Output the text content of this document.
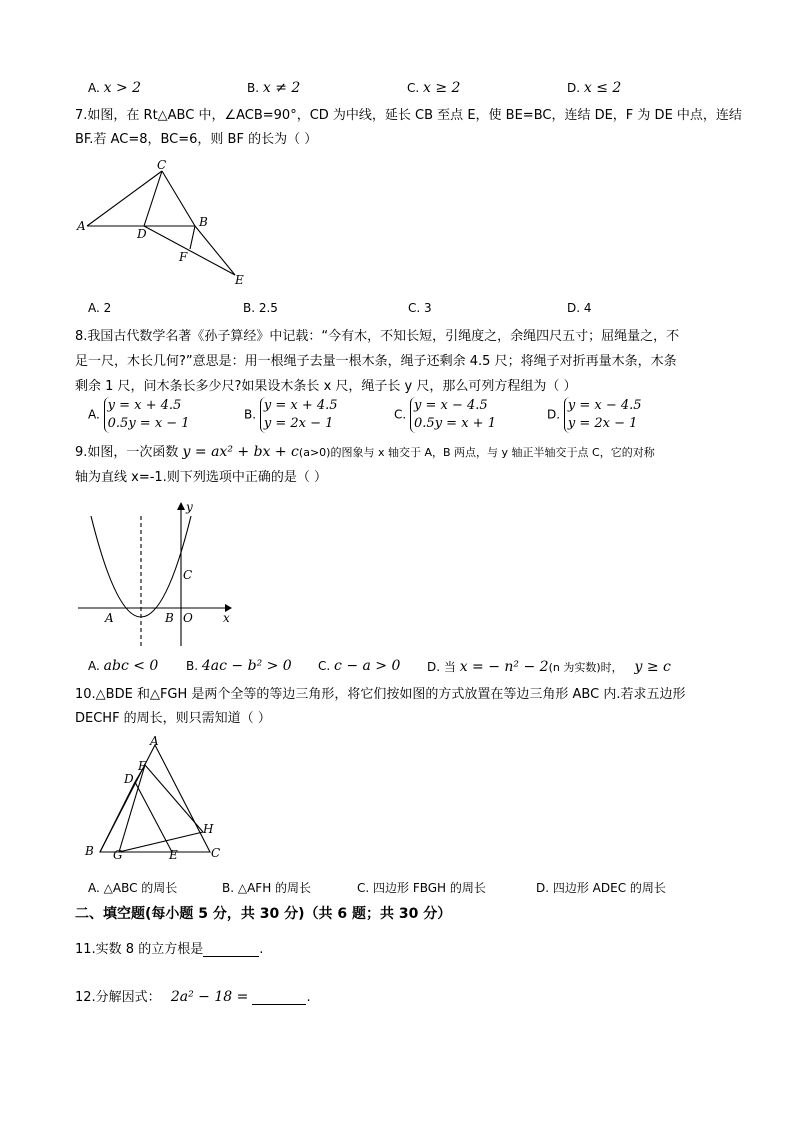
A. x > 2	B. x ≠ 2	C. x ≥ 2	D. x ≤ 2
7.如图，在 Rt△ABC 中，∠ACB=90°，CD 为中线，延长 CB 至点 E，使 BE=BC，连结 DE，F 为 DE 中点，连结
BF.若 AC=8，BC=6，则 BF 的长为（ ）
A
C
D
B
F
E
A. 2	B. 2.5	C. 3	D. 4
8.我国古代数学名著《孙子算经》中记载：“今有木，不知长短，引绳度之，余绳四尺五寸；屈绳量之，不
足一尺，木长几何?”意思是：用一根绳子去量一根木条，绳子还剩余 4.5 尺；将绳子对折再量木条，木条
剩余 1 尺，问木条长多少尺?如果设木条长 x 尺，绳子长 y 尺，那么可列方程组为（ ）
A.
y = x + 4.5
0.5y = x − 1
B.
y = x + 4.5
y = 2x − 1
C.
y = x − 4.5
0.5y = x + 1
D.
y = x − 4.5
y = 2x − 1
9.如图，一次函数 y = ax² + bx + c(a>0)的图象与 x 轴交于 A，B 两点，与 y 轴正半轴交于点 C，它的对称
轴为直线 x=-1.则下列选项中正确的是（ ）
y
x
A	B O
C
A. abc < 0 B. 4ac − b² > 0 C. c − a > 0 D. 当 x = − n² − 2(n 为实数)时， y ≥ c
10.△BDE 和△FGH 是两个全等的等边三角形，将它们按如图的方式放置在等边三角形 ABC 内.若求五边形
DECHF 的周长，则只需知道（ ）
A
F
D
H
B G	E	C
A. △ABC 的周长	B. △AFH 的周长	C. 四边形 FBGH 的周长	D. 四边形 ADEC 的周长
二、填空题(每小题 5 分，共 30 分)（共 6 题；共 30 分）
11.实数 8 的立方根是	.
12.分解因式： 2a² − 18 =	.
